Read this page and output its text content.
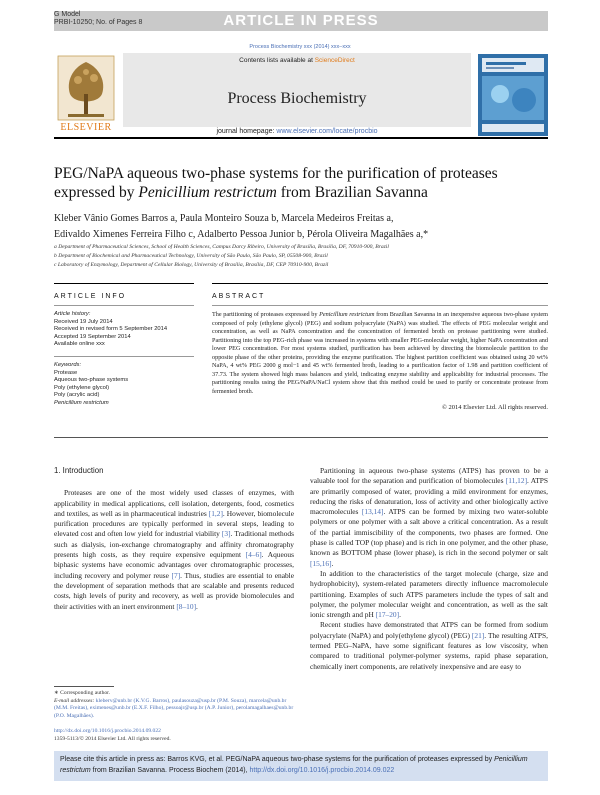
ARTICLE IN PRESS
G Model
PRBI-10250; No. of Pages 8
Process Biochemistry xxx (2014) xxx–xxx
ELSEVIER
Contents lists available at ScienceDirect
Process Biochemistry
journal homepage: www.elsevier.com/locate/procbio
PEG/NaPA aqueous two-phase systems for the purification of proteases expressed by Penicillium restrictum from Brazilian Savanna
Kleber Vânio Gomes Barros a, Paula Monteiro Souza b, Marcela Medeiros Freitas a,
Edivaldo Ximenes Ferreira Filho c, Adalberto Pessoa Junior b, Pérola Oliveira Magalhães a,*
a Department of Pharmaceutical Sciences, School of Health Sciences, Campus Darcy Ribeiro, University of Brasília, Brasília, DF, 70910-900, Brazil
b Department of Biochemical and Pharmaceutical Technology, University of São Paulo, São Paulo, SP, 05508-900, Brazil
c Laboratory of Enzymology, Department of Cellular Biology, University of Brasília, Brasília, DF, CEP 70910-900, Brazil
ARTICLE INFO	ABSTRACT
Article history:
Received 19 July 2014
Received in revised form 5 September 2014
Accepted 19 September 2014
Available online xxx
Keywords:
Protease
Aqueous two-phase systems
Poly (ethylene glycol)
Poly (acrylic acid)
Penicillium restrictum
The partitioning of proteases expressed by Penicillium restrictum from Brazilian Savanna in an inexpensive aqueous two-phase system composed of poly (ethylene glycol) (PEG) and sodium polyacrylate (NaPA) was studied. The effects of PEG molecular weight and concentration, as well as NaPA concentration and the concentration of fermented broth on protease partitioning were studied. Partitioning into the top PEG-rich phase was increased in systems with smaller PEG-molecular weight, higher NaPA concentration and lower PEG concentration. For most systems studied, purification has been achieved by directing the biomolecule partition to the opposite phase of the other proteins, providing the enzyme purification. The highest partition coefficient was obtained using 20 wt% NaPA, 4 wt% PEG 2000 g mol−1 and 45 wt% fermented broth, leading to a purification factor of 1.98 and partition coefficient of 37.73. The system showed high mass balances and yield, indicating enzyme stability and applicability for industrial processes. The partitioning results using the PEG/NaPA/NaCl system show that this method could be used to purify or concentrate protease from fermented broth.
© 2014 Elsevier Ltd. All rights reserved.
1. Introduction

Proteases are one of the most widely used classes of enzymes, with applicability in medical applications, cell isolation, detergents, food, cosmetics and textiles, as well as in pharmaceutical industries [1,2]. However, biomolecule purification procedures are typically performed in several steps, leading to elevated cost and often low yield for industrial viability [3]. Traditional methods such as dialysis, ion-exchange chromatography and affinity chromatography presents high costs, as they require expensive equipment [4–6]. Aqueous biphasic systems have economic advantages over chromatographic processes, including recovery and polymer reuse [7]. Thus, studies are essential to enable the development of separation methods that are scalable and presents reduced costs, high levels of purity and recovery, as well as provide biomolecules and their activities with an inert environment [8–10].

Partitioning in aqueous two-phase systems (ATPS) has proven to be a valuable tool for the separation and purification of biomolecules [11,12]. ATPS are primarily composed of water, providing a mild environment for enzymes, reducing the risks of denaturation, loss of activity and other biologically active macromolecules [13,14]. ATPS can be formed by mixing two water-soluble polymers or one polymer with a salt above a critical concentration. As a result of the partial immiscibility of the components, two phases are formed. One phase is called TOP (top phase) and is rich in one polymer, and the other phase, known as BOTTOM phase (lower phase), is rich in the second polymer or salt [15,16].

In addition to the characteristics of the target molecule (charge, size and hydrophobicity), system-related parameters directly influence macromolecule partitioning. Examples of such ATPS parameters include the types of salt and polymer, the polymer molecular weight and concentration, as well as the salt ionic strength and pH [17–20].

Recent studies have demonstrated that ATPS can be formed from sodium polyacrylate (NaPA) and poly(ethylene glycol) (PEG) [21]. The resulting ATPS, termed PEG–NaPA, have some significant features as low viscosity, when compared to traditional polymer-polymer systems, rapid phase separation, chemically inert components, are relatively inexpensive and are easy to

∗ Corresponding author.
E-mail addresses: kleberv@unb.br (K.V.G. Barros), paulasouza@usp.br (P.M. Souza), marcela@unb.br (M.M. Freitas), eximenes@unb.br (E.X.F. Filho), pessoajr@usp.br (A.P. Junior), perolamagalhaes@unb.br (P.O. Magalhães).
http://dx.doi.org/10.1016/j.procbio.2014.09.022
1359-5113/© 2014 Elsevier Ltd. All rights reserved.
Please cite this article in press as: Barros KVG, et al. PEG/NaPA aqueous two-phase systems for the purification of proteases expressed by Penicillium restrictum from Brazilian Savanna. Process Biochem (2014), http://dx.doi.org/10.1016/j.procbio.2014.09.022
